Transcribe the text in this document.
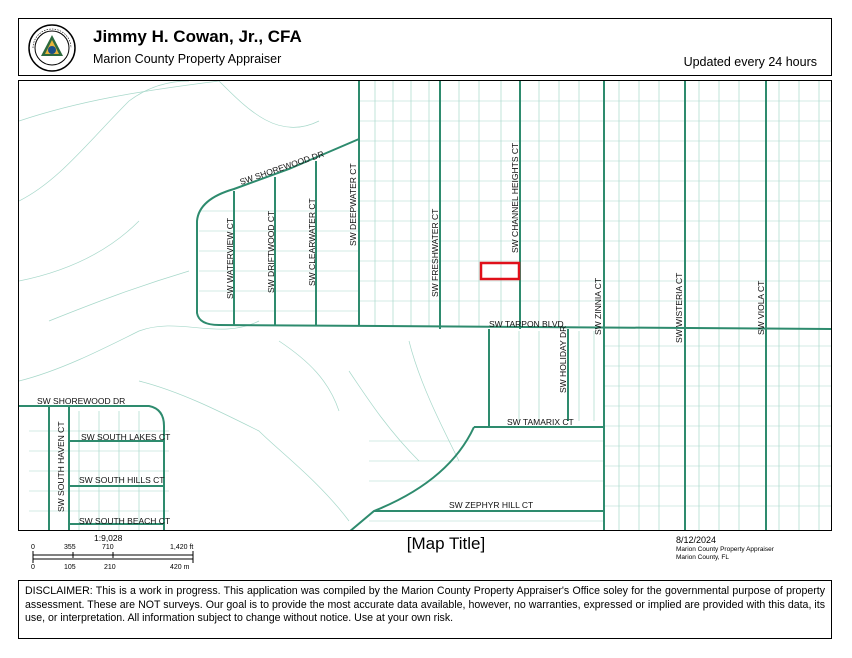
Jimmy H. Cowan, Jr., CFA
Marion County Property Appraiser	Updated every 24 hours
SW SHOREWOOD DR
SW WATERVIEW CT	SW DRIFTWOOD CT	SW CLEARWATER CT	SW DEEPWATER CT
SW FRESHWATER CT	SW CHANNEL HEIGHTS CT
SW TARPON BLVD	SW ZINNIA CT	SW WISTERIA CT	SW VIOLA CT
SW HOLIDAY DR
SW TAMARIX CT
SW SHOREWOOD DR
SW SOUTH LAKES CT
SW SOUTH HAVEN CT SW SOUTH HILLS CT
SW SOUTH BEACH CT
SW ZEPHYR HILL CT
1:9,028
0	355	710	1,420 ft
0	105	210	420 m
[Map Title]	8/12/2024
Marion County Property Appraiser
Marion County, FL
DISCLAIMER: This is a work in progress. This application was compiled by the Marion County Property Appraiser's Office soley for the governmental purpose of property assessment. These are NOT surveys. Our goal is to provide the most accurate data available, however, no warranties, expressed or implied are provided with this data, its use, or interpretation. All information subject to change without notice. Use at your own risk.
